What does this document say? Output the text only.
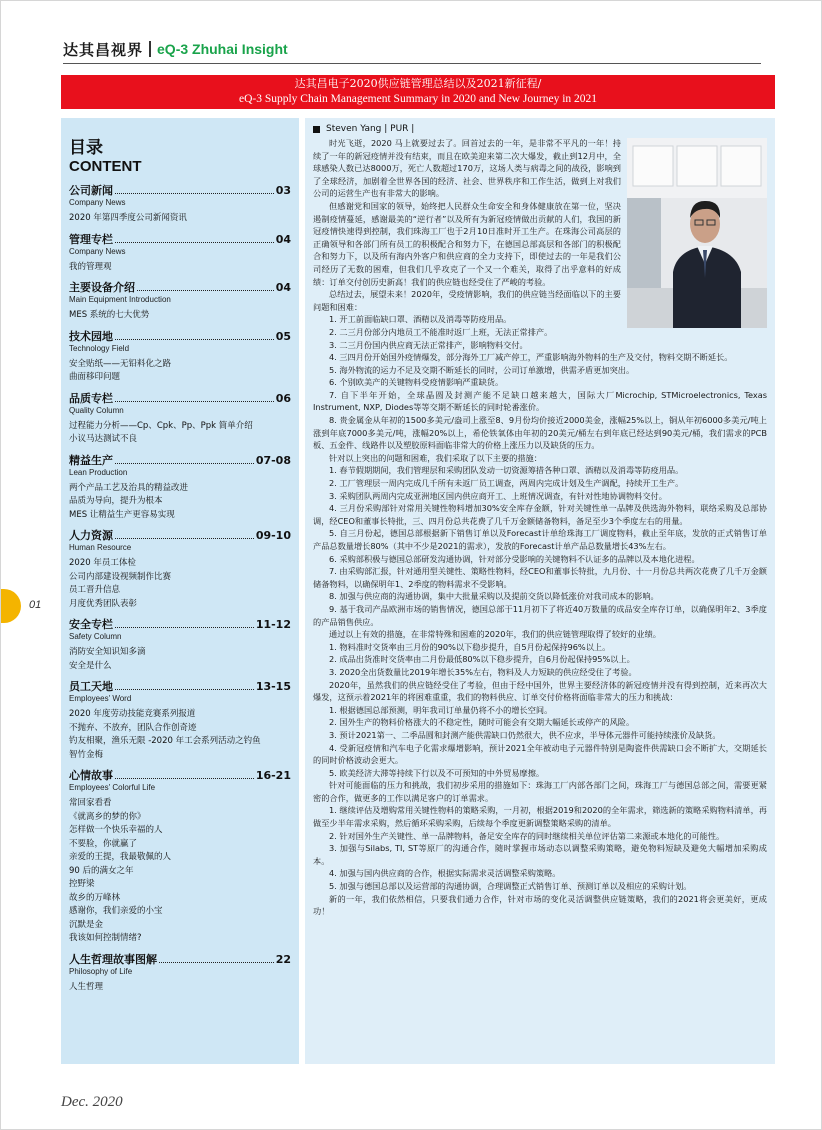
达其昌视界 eQ-3 Zhuhai Insight
达其昌电子2020供应链管理总结以及2021新征程/
eQ-3 Supply Chain Management Summary in 2020 and New Journey in 2021
目录
CONTENT
公司新闻	03
Company News
2020 年第四季度公司新闻资讯
管理专栏	04
Company News
我的管理观
主要设备介绍	04
Main Equipment Introduction
MES 系统的七大优势
技术园地	05
Technology Field
安全贴纸——无铅料化之路
曲面移印问题
品质专栏	06
Quality Column
过程能力分析——Cp、Cpk、Pp、Ppk 简单介绍
小议马达测试不良
精益生产	07-08
Lean Production
两个产品工艺及治具的精益改进
品质为导向，提升为根本
MES 让精益生产更容易实现
人力资源	09-10
Human Resource
2020 年员工体检
公司内部建设视频制作比赛
员工晋升信息
月度优秀团队表彰
安全专栏	11-12
Safety Column
消防安全知识知多滴
安全是什么
员工天地	13-15
Employees' Word
2020 年度劳动技能竞赛系列报道
不抛弃、不放弃，团队合作创奇迹
钓友相聚，渔乐无限 -2020 年工会系列活动之钓鱼
智竹金梅
心情故事	16-21
Employees' Colorful Life
常回家看看
《就离乡的梦的你》
怎样做一个快乐幸福的人
不要脸，你就赢了
亲爱的王提，我最敬佩的人
90 后的满女之年
控野梁
故乡的万峰林
感谢你，我们亲爱的小宝
沉默是金
我该如何控制情绪?
人生哲理故事图解	22
Philosophy of Life
人生哲理
Steven Yang | PUR |

时光飞逝，2020 马上就要过去了。回首过去的一年，是非常不平凡的一年！持续了一年的新冠疫情并没有结束，而且在欧美迎来第二次大爆发，截止到12月中，全球感染人数已达8000万，死亡人数超过170万，这场人类与病毒之间的战役，影响到了全球经济，加剧着全世界各国的经济、社会、世界秩序和工作生活，做到上对我们公司的运营生产也有非常大的影响。

但感谢党和国家的领导，始终把人民群众生命安全和身体健康放在第一位，坚决遏制疫情蔓延，感谢最美的“逆行者”以及所有为新冠疫情做出贡献的人们，我国的新冠疫情快速得到控制，我们珠海工厂也于2月10日准时开工生产。在珠海公司高层的正确领导和各部门所有员工的积极配合和努力下，在德国总部高层和各部门的积极配合和努力下，以及所有海内外客户和供应商的全力支持下，即使过去的一年是我们公司经历了无数的困难，但我们几乎攻克了一个又一个难关，取得了出乎意料的好成绩：订单交付创历史新高！我们的供应链也经受住了严峻的考验。

总结过去，展望未来！2020年，受疫情影响，我们的供应链当经面临以下的主要问题和困难：

1. 开工前面临缺口罩、酒精以及消毒等防疫用品。

2. 二三月份部分内地员工不能准时返厂上班，无法正常排产。

3. 二三月份国内供应商无法正常排产，影响物料交付。

4. 三四月份开始国外疫情爆发，部分海外工厂减产停工，严重影响海外物料的生产及交付，物料交期不断延长。

5. 海外物流的运力不足及交期不断延长的同时，公司订单激增，供需矛盾更加突出。

6. 个别欧美产的关键物料受疫情影响严重缺货。

7. 自下半年开始，全球晶圆及封测产能不足缺口越来越大，国际大厂Microchip, STMicroelectronics, Texas Instrument, NXP, Diodes等等交期不断延长的同时轮番涨价。

8. 贵金属金从年初的1500多美元/盎司上涨至8、9月份均价接近2000美金，涨幅25%以上，铜从年初6000多美元/吨上涨到年底7000多美元/吨，涨幅20%以上，希伦铁氧体由年初的20美元/桶左右到年底已经达到90美元/桶，我们需求的PCB板、五金件、线路件以及塑胶原料面临非常大的价格上涨压力以及缺货的压力。

针对以上突出的问题和困难，我们采取了以下主要的措施：

1. 春节假期期间，我们管理层和采购团队发动一切资源筹措各种口罩、酒精以及消毒等防疫用品。

2. 工厂管理层一周内完成几千所有未返厂员工调查，两周内完成计划及生产调配，持续开工生产。

3. 采购团队两周内完成亚洲地区国内供应商开工、上班情况调查，有针对性地协调物料交付。

4. 三月份采购部针对常用关键性物料增加30%安全库存金额，针对关键性单一品牌及供选海外物料，联络采购及总部协调，经CEO和董事长特批，三、四月份总共花费了几千万金额储备物料，备足至少3个季度左右的用量。

5. 自三月份起，德国总部根据新下销售订单以及Forecast计单给珠海工厂调度物料，截止至年底，发放的正式销售订单产品总数量增长80%（其中不少是2021的需求），发放的Forecast计单产品总数量增长43%左右。

6. 采购部积极与德国总部研发沟通协调，针对部分受影响的关键物料不认证多的品牌以及本地化进程。

7. 由采购部汇报，针对通用型关键性、策略性物料，经CEO和董事长特批，九月份、十一月份总共两次花费了几千万金额储备物料，以确保明年1、2季度的物料需求不受影响。

8. 加强与供应商的沟通协调，集中大批量采购以及提前交货以降低涨价对我司成本的影响。

9. 基于我司产品欧洲市场的销售情况，德国总部于11月初下了将近40万数量的成品安全库存订单，以确保明年2、3季度的产品销售供应。

通过以上有效的措施，在非常特殊和困难的2020年，我们的供应链管理取得了较好的业绩。

1. 物料准时交货率由三月份的90%以下稳步提升，自5月份起保持96%以上。

2. 成品出货准时交货率由二月份最低80%以下稳步提升，自6月份起保持95%以上。

3. 2020全出货数量比2019年增长35%左右，物料及人力短缺的供应经受住了考验。

2020年，虽然我们的供应链经受住了考验，但由于经中国外，世界主要经济体的新冠疫情并没有得到控制，近来再次大爆发，这预示着2021年的将困难重重，我们的物料供应、订单交付价格将面临非常大的压力和挑战：

1. 根据德国总部预测，明年我司订单量仍将不小的增长空间。

2. 国外生产的物料价格涨大的不稳定性，随时可能会有交期大幅延长或停产的风险。

3. 预计2021第一、二季品圆和封测产能供需缺口仍然很大，供不应求，半导体元器件可能持续涨价及缺货。

4. 受新冠疫情和汽车电子化需求爆增影响，预计2021全年被动电子元器件特别是陶瓷件供需缺口会不断扩大，交期延长的同时价格波动会更大。

5. 欧美经济大滞等持续下行以及不可预知的中外贸易摩擦。

针对可能面临的压力和挑战，我们初步采用的措施如下：珠海工厂内部各部门之间，珠海工厂与德国总部之间，需要更紧密的合作，做更多的工作以满足客户的订单需求。

1. 继续评估及增购常用关键性物料的策略采购，一月初，根据2019和2020的全年需求，筛选新的策略采购物料清单，再做至少半年需求采购，然后循环采购采购，后续每个季度更新调整策略采购的清单。

2. 针对国外生产关键性、单一品牌物料，备足安全库存的同时继续相关单位评估第二来源或本地化的可能性。

3. 加强与Silabs, TI, ST等原厂的沟通合作，随时掌握市场动态以调整采购策略，避免物料短缺及避免大幅增加采购成本。

4. 加强与国内供应商的合作，根据实际需求灵活调整采购策略。

5. 加强与德国总部以及运营部的沟通协调，合理调整正式销售订单、预测订单以及相应的采购计划。

新的一年，我们依然相信，只要我们通力合作，针对市场的变化灵活调整供应链策略，我们的2021将会更美好，更成功！

01
Dec. 2020
